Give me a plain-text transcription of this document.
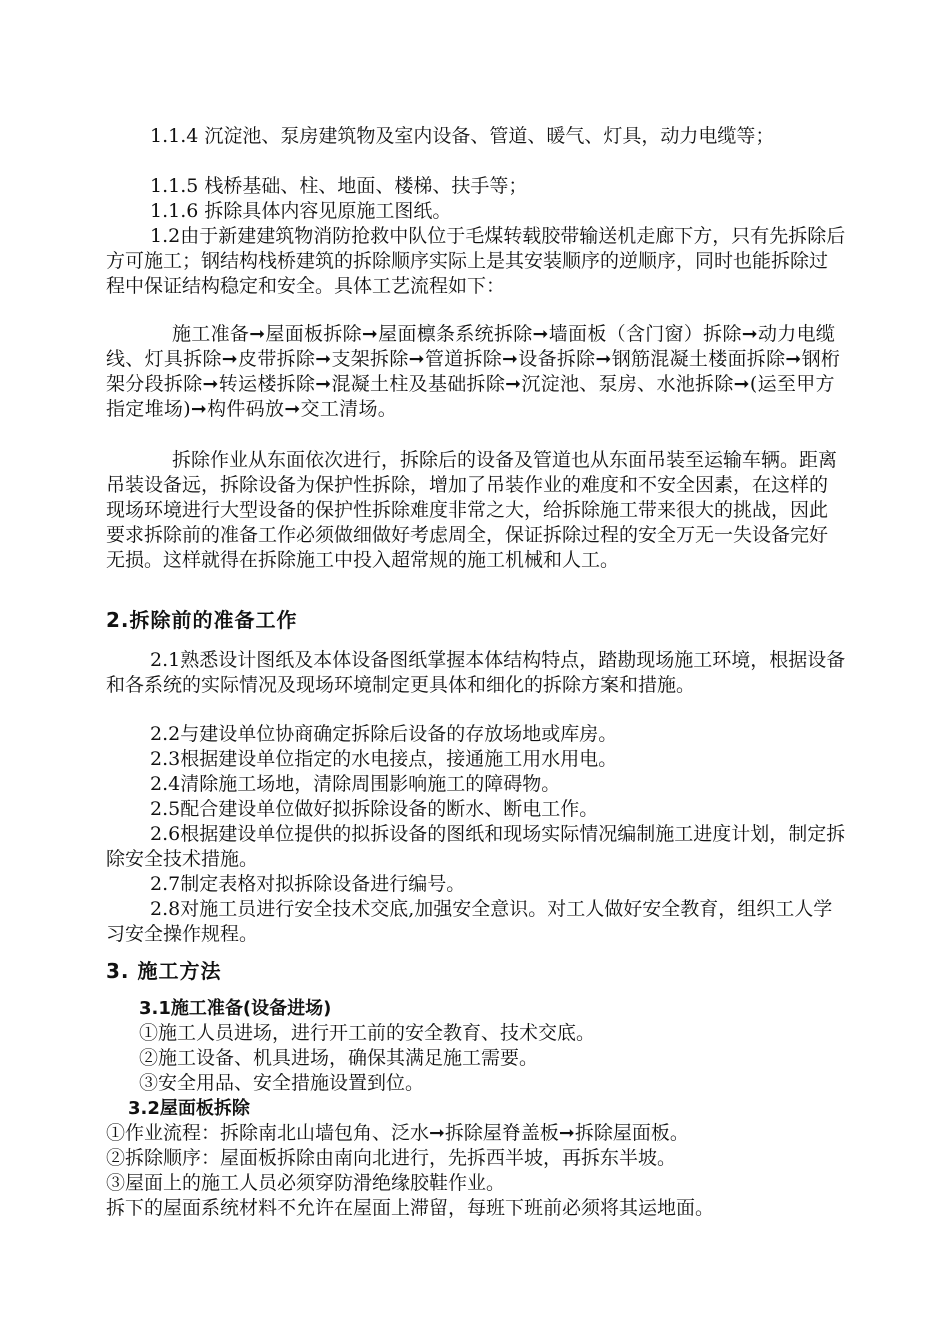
1.1.4 沉淀池、泵房建筑物及室内设备、管道、暖气、灯具，动力电缆等；

1.1.5 栈桥基础、柱、地面、楼梯、扶手等；

1.1.6 拆除具体内容见原施工图纸。

1.2由于新建建筑物消防抢救中队位于毛煤转载胶带输送机走廊下方，只有先拆除后方可施工；钢结构栈桥建筑的拆除顺序实际上是其安装顺序的逆顺序，同时也能拆除过程中保证结构稳定和安全。具体工艺流程如下：

施工准备➞屋面板拆除➞屋面檩条系统拆除➞墙面板（含门窗）拆除➞动力电缆线、灯具拆除➞皮带拆除➞支架拆除➞管道拆除➞设备拆除➞钢筋混凝土楼面拆除➞钢桁架分段拆除➞转运楼拆除➞混凝土柱及基础拆除➞沉淀池、泵房、水池拆除➞(运至甲方指定堆场)➞构件码放➞交工清场。

拆除作业从东面依次进行，拆除后的设备及管道也从东面吊装至运输车辆。距离吊装设备远，拆除设备为保护性拆除，增加了吊装作业的难度和不安全因素，在这样的现场环境进行大型设备的保护性拆除难度非常之大，给拆除施工带来很大的挑战，因此要求拆除前的准备工作必须做细做好考虑周全，保证拆除过程的安全万无一失设备完好无损。这样就得在拆除施工中投入超常规的施工机械和人工。

2.拆除前的准备工作

2.1熟悉设计图纸及本体设备图纸掌握本体结构特点，踏勘现场施工环境，根据设备和各系统的实际情况及现场环境制定更具体和细化的拆除方案和措施。

2.2与建设单位协商确定拆除后设备的存放场地或库房。

2.3根据建设单位指定的水电接点，接通施工用水用电。

2.4清除施工场地，清除周围影响施工的障碍物。

2.5配合建设单位做好拟拆除设备的断水、断电工作。

2.6根据建设单位提供的拟拆设备的图纸和现场实际情况编制施工进度计划，制定拆除安全技术措施。

2.7制定表格对拟拆除设备进行编号。

2.8对施工员进行安全技术交底,加强安全意识。对工人做好安全教育，组织工人学习安全操作规程。

3. 施工方法

3.1施工准备(设备进场)

①施工人员进场，进行开工前的安全教育、技术交底。

②施工设备、机具进场，确保其满足施工需要。

③安全用品、安全措施设置到位。

3.2屋面板拆除

①作业流程：拆除南北山墙包角、泛水➞拆除屋脊盖板➞拆除屋面板。

②拆除顺序：屋面板拆除由南向北进行，先拆西半坡，再拆东半坡。

③屋面上的施工人员必须穿防滑绝缘胶鞋作业。

拆下的屋面系统材料不允许在屋面上滞留，每班下班前必须将其运地面。
